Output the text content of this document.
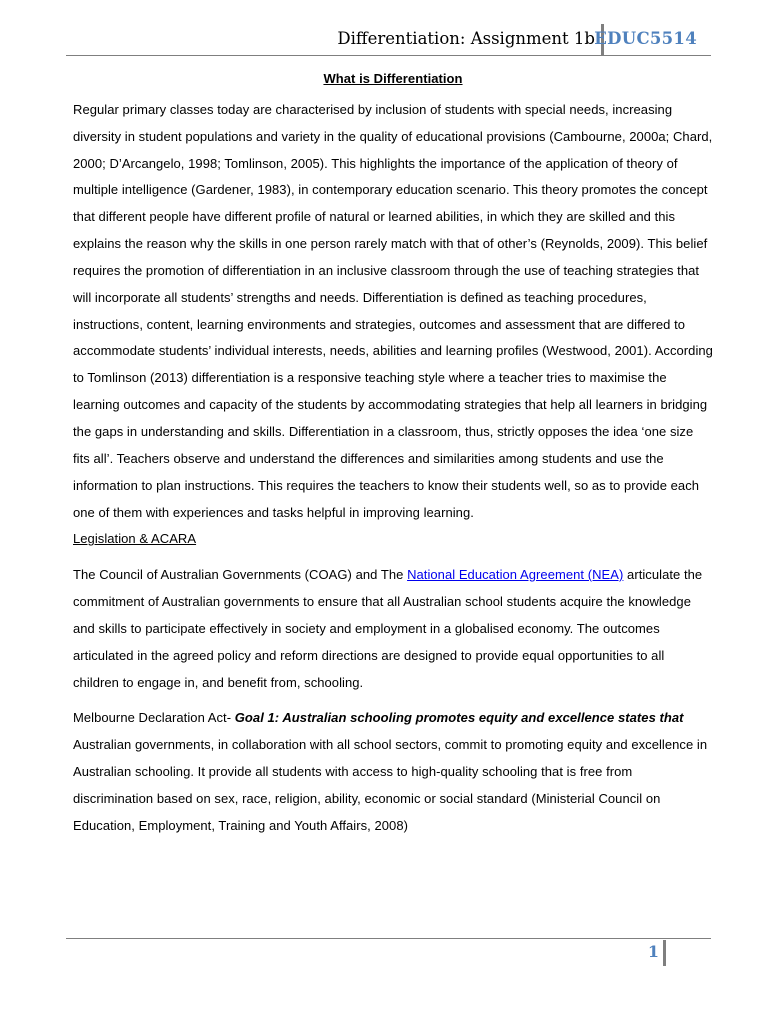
Differentiation: Assignment 1b EDUC5514

What is Differentiation

Regular primary classes today are characterised by inclusion of students with special needs, increasing diversity in student populations and variety in the quality of educational provisions (Cambourne, 2000a; Chard, 2000; D’Arcangelo, 1998; Tomlinson, 2005). This highlights the importance of the application of theory of multiple intelligence (Gardener, 1983), in contemporary education scenario. This theory promotes the concept that different people have different profile of natural or learned abilities, in which they are skilled and this explains the reason why the skills in one person rarely match with that of other’s (Reynolds, 2009). This belief requires the promotion of differentiation in an inclusive classroom through the use of teaching strategies that will incorporate all students’ strengths and needs. Differentiation is defined as teaching procedures, instructions, content, learning environments and strategies, outcomes and assessment that are differed to accommodate students’ individual interests, needs, abilities and learning profiles (Westwood, 2001). According to Tomlinson (2013) differentiation is a responsive teaching style where a teacher tries to maximise the learning outcomes and capacity of the students by accommodating strategies that help all learners in bridging the gaps in understanding and skills. Differentiation in a classroom, thus, strictly opposes the idea ‘one size fits all’. Teachers observe and understand the differences and similarities among students and use the information to plan instructions. This requires the teachers to know their students well, so as to provide each one of them with experiences and tasks helpful in improving learning.

Legislation & ACARA

The Council of Australian Governments (COAG) and The National Education Agreement (NEA) articulate the commitment of Australian governments to ensure that all Australian school students acquire the knowledge and skills to participate effectively in society and employment in a globalised economy. The outcomes articulated in the agreed policy and reform directions are designed to provide equal opportunities to all children to engage in, and benefit from, schooling.

Melbourne Declaration Act- Goal 1: Australian schooling promotes equity and excellence states that Australian governments, in collaboration with all school sectors, commit to promoting equity and excellence in Australian schooling. It provide all students with access to high-quality schooling that is free from discrimination based on sex, race, religion, ability, economic or social standard (Ministerial Council on Education, Employment, Training and Youth Affairs, 2008)

1
